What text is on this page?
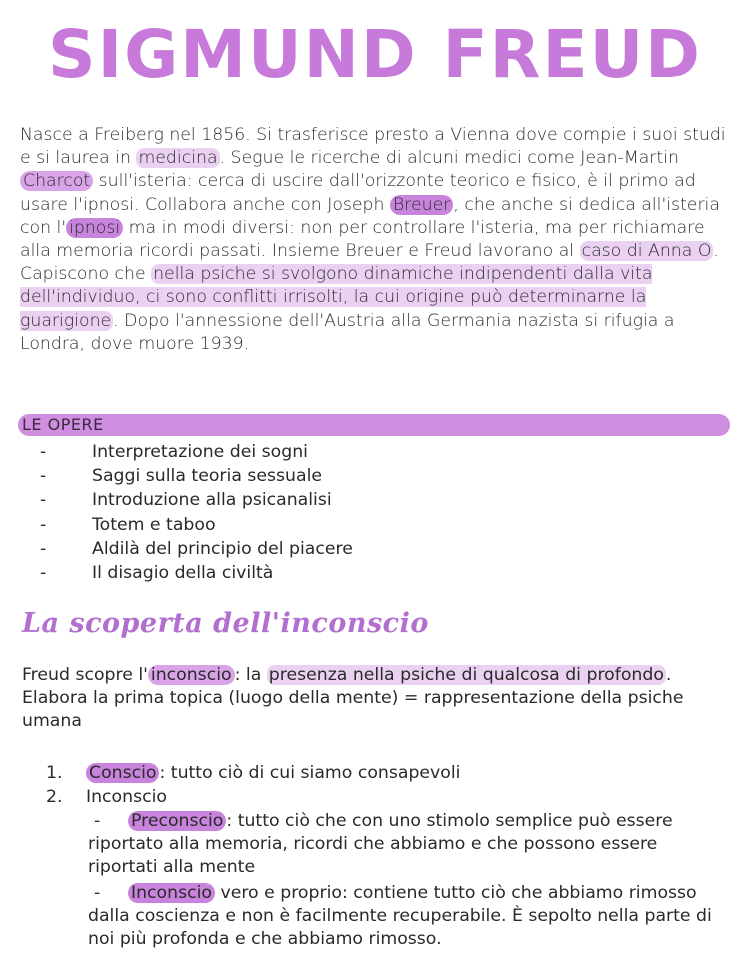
SIGMUND FREUD

Nasce a Freiberg nel 1856. Si trasferisce presto a Vienna dove compie i suoi studi e si laurea in medicina . Segue le ricerche di alcuni medici come Jean-Martin Charcot sull'isteria: cerca di uscire dall'orizzonte teorico e fisico, è il primo ad usare l'ipnosi. Collabora anche con Joseph Breuer , che anche si dedica all'isteria con l' ipnosi ma in modi diversi: non per controllare l'isteria, ma per richiamare alla memoria ricordi passati. Insieme Breuer e Freud lavorano al caso di Anna O . Capiscono che nella psiche si svolgono dinamiche indipendenti dalla vita dell'individuo, ci sono conflitti irrisolti, la cui origine può determinarne la guarigione . Dopo l'annessione dell'Austria alla Germania nazista si rifugia a Londra, dove muore 1939.

LE OPERE
-	Interpretazione dei sogni
-	Saggi sulla teoria sessuale
-	Introduzione alla psicanalisi
-	Totem e taboo
-	Aldilà del principio del piacere
-	Il disagio della civiltà
La scoperta dell'inconscio

Freud scopre l' inconscio : la presenza nella psiche di qualcosa di profondo .
Elabora la prima topica (luogo della mente) = rappresentazione della psiche umana

1. Conscio : tutto ciò di cui siamo consapevoli
2. Inconscio
- Preconscio : tutto ciò che con uno stimolo semplice può essere riportato alla memoria, ricordi che abbiamo e che possono essere riportati alla mente
- Inconscio vero e proprio: contiene tutto ciò che abbiamo rimosso dalla coscienza e non è facilmente recuperabile. È sepolto nella parte di noi più profonda e che abbiamo rimosso.
